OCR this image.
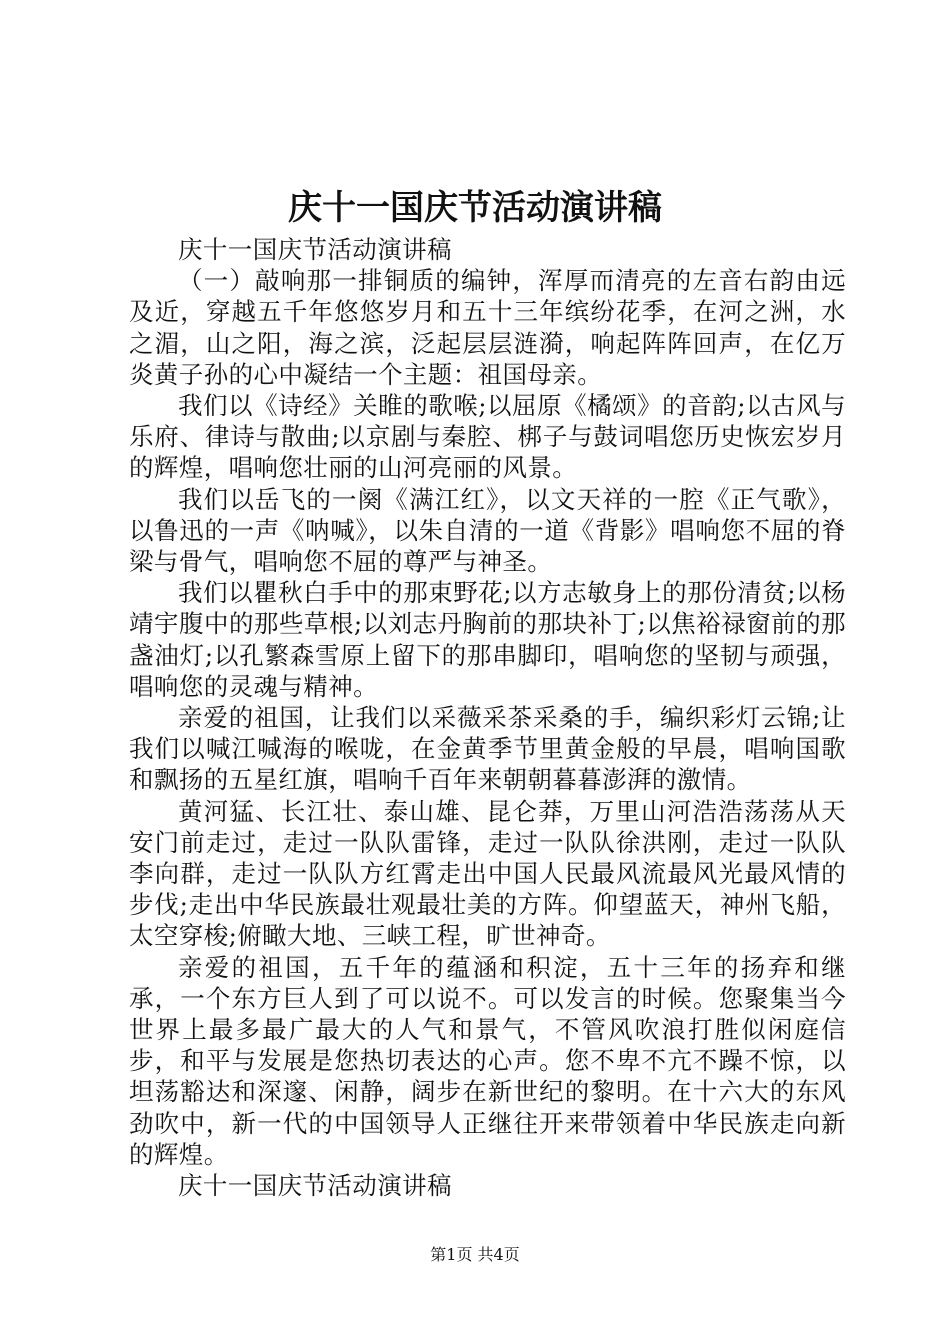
庆十一国庆节活动演讲稿

庆十一国庆节活动演讲稿

（一）敲响那一排铜质的编钟，浑厚而清亮的左音右韵由远及近，穿越五千年悠悠岁月和五十三年缤纷花季，在河之洲，水之湄，山之阳，海之滨，泛起层层涟漪，响起阵阵回声，在亿万炎黄子孙的心中凝结一个主题：祖国母亲。

我们以《诗经》关睢的歌喉;以屈原《橘颂》的音韵;以古风与乐府、律诗与散曲;以京剧与秦腔、梆子与鼓词唱您历史恢宏岁月的辉煌，唱响您壮丽的山河亮丽的风景。

我们以岳飞的一阕《满江红》，以文天祥的一腔《正气歌》，以鲁迅的一声《呐喊》，以朱自清的一道《背影》唱响您不屈的脊梁与骨气，唱响您不屈的尊严与神圣。

我们以瞿秋白手中的那束野花;以方志敏身上的那份清贫;以杨靖宇腹中的那些草根;以刘志丹胸前的那块补丁;以焦裕禄窗前的那盏油灯;以孔繁森雪原上留下的那串脚印，唱响您的坚韧与顽强，唱响您的灵魂与精神。

亲爱的祖国，让我们以采薇采茶采桑的手，编织彩灯云锦;让我们以喊江喊海的喉咙，在金黄季节里黄金般的早晨，唱响国歌和飘扬的五星红旗，唱响千百年来朝朝暮暮澎湃的激情。

黄河猛、长江壮、泰山雄、昆仑莽，万里山河浩浩荡荡从天安门前走过，走过一队队雷锋，走过一队队徐洪刚，走过一队队李向群，走过一队队方红霄走出中国人民最风流最风光最风情的步伐;走出中华民族最壮观最壮美的方阵。仰望蓝天，神州飞船，太空穿梭;俯瞰大地、三峡工程，旷世神奇。

亲爱的祖国，五千年的蕴涵和积淀，五十三年的扬弃和继承，一个东方巨人到了可以说不。可以发言的时候。您聚集当今世界上最多最广最大的人气和景气，不管风吹浪打胜似闲庭信步，和平与发展是您热切表达的心声。您不卑不亢不躁不惊，以坦荡豁达和深邃、闲静，阔步在新世纪的黎明。在十六大的东风劲吹中，新一代的中国领导人正继往开来带领着中华民族走向新的辉煌。

庆十一国庆节活动演讲稿

第1页 共4页
